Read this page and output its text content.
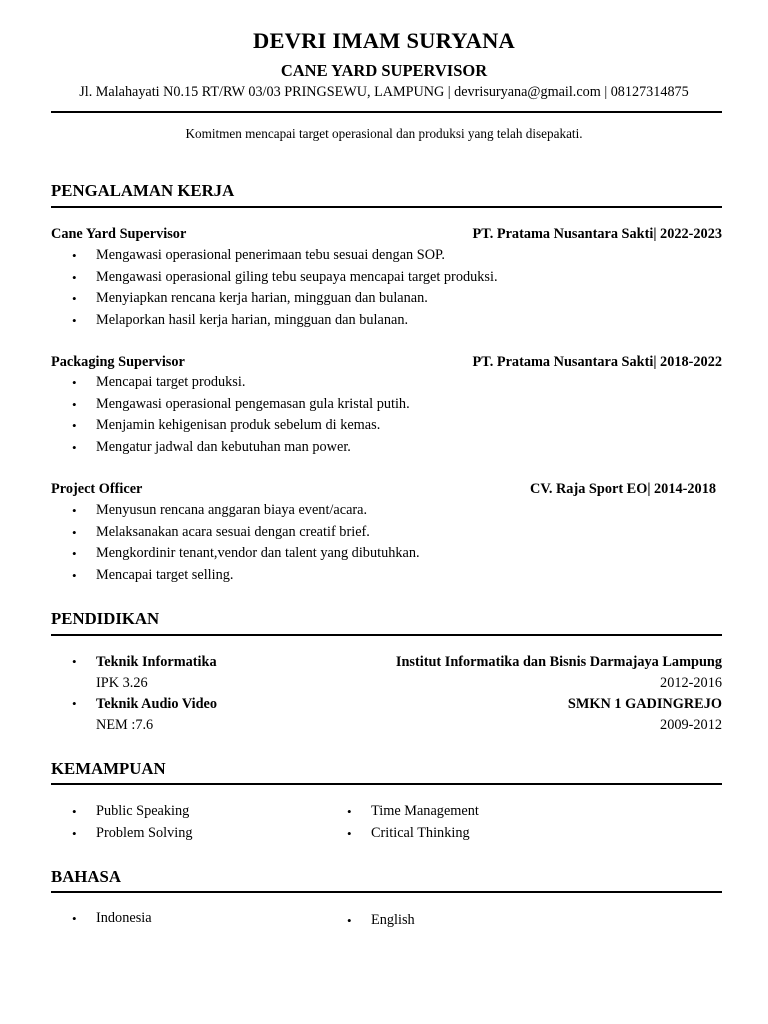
DEVRI IMAM SURYANA
CANE YARD SUPERVISOR
Jl. Malahayati N0.15 RT/RW 03/03 PRINGSEWU, LAMPUNG | devrisuryana@gmail.com | 08127314875
Komitmen mencapai target operasional dan produksi yang telah disepakati.
PENGALAMAN KERJA
Cane Yard Supervisor	PT. Pratama Nusantara Sakti| 2022-2023
• Mengawasi operasional penerimaan tebu sesuai dengan SOP.
• Mengawasi operasional giling tebu seupaya mencapai target produksi.
• Menyiapkan rencana kerja harian, mingguan dan bulanan.
• Melaporkan hasil kerja harian, mingguan dan bulanan.
Packaging Supervisor	PT. Pratama Nusantara Sakti| 2018-2022
• Mencapai target produksi.
• Mengawasi operasional pengemasan gula kristal putih.
• Menjamin kehigenisan produk sebelum di kemas.
• Mengatur jadwal dan kebutuhan man power.
Project Officer	CV. Raja Sport EO| 2014-2018
• Menyusun rencana anggaran biaya event/acara.
• Melaksanakan acara sesuai dengan creatif brief.
• Mengkordinir tenant,vendor dan talent yang dibutuhkan.
• Mencapai target selling.
PENDIDIKAN
• Teknik Informatika	Institut Informatika dan Bisnis Darmajaya Lampung
IPK 3.26	2012-2016
• Teknik Audio Video	SMKN 1 GADINGREJO
NEM :7.6	2009-2012
KEMAMPUAN
• Public Speaking
• Problem Solving
• Time Management
• Critical Thinking
BAHASA
• Indonesia	• English
